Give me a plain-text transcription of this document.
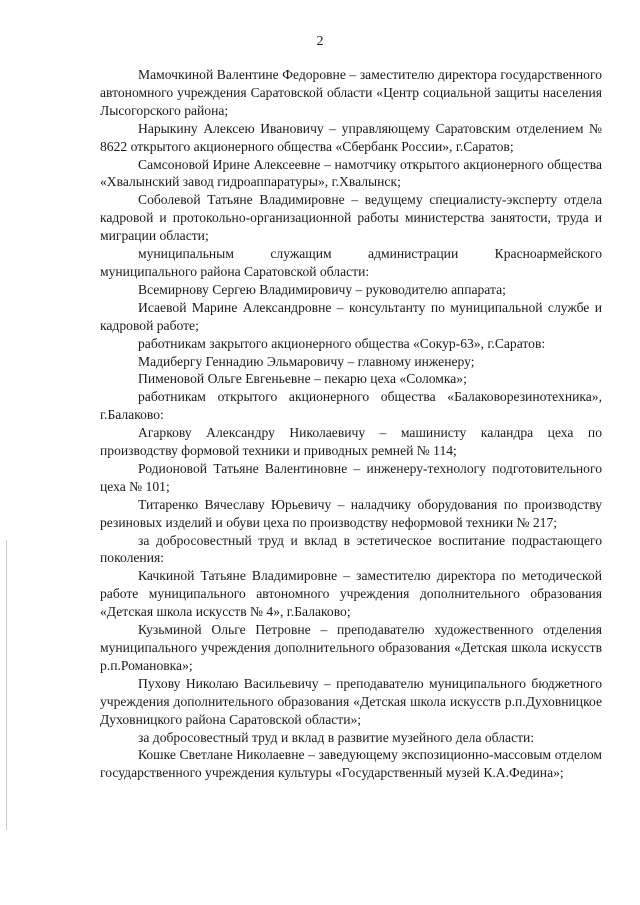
2

Мамочкиной Валентине Федоровне – заместителю директора государственного автономного учреждения Саратовской области «Центр социальной защиты населения Лысогорского района;

Нарыкину Алексею Ивановичу – управляющему Саратовским отделением № 8622 открытого акционерного общества «Сбербанк России», г.Саратов;

Самсоновой Ирине Алексеевне – намотчику открытого акционерного общества «Хвалынский завод гидроаппаратуры», г.Хвалынск;

Соболевой Татьяне Владимировне – ведущему специалисту-эксперту отдела кадровой и протокольно-организационной работы министерства занятости, труда и миграции области;

муниципальным служащим администрации Красноармейского муниципального района Саратовской области:

Всемирнову Сергею Владимировичу – руководителю аппарата;

Исаевой Марине Александровне – консультанту по муниципальной службе и кадровой работе;

работникам закрытого акционерного общества «Сокур-63», г.Саратов:

Мадибергу Геннадию Эльмаровичу – главному инженеру;

Пименовой Ольге Евгеньевне – пекарю цеха «Соломка»;

работникам открытого акционерного общества «Балаковорезинотехника», г.Балаково:

Агаркову Александру Николаевичу – машинисту каландра цеха по производству формовой техники и приводных ремней № 114;

Родионовой Татьяне Валентиновне – инженеру-технологу подготовительного цеха № 101;

Титаренко Вячеславу Юрьевичу – наладчику оборудования по производству резиновых изделий и обуви цеха по производству неформовой техники № 217;

за добросовестный труд и вклад в эстетическое воспитание подрастающего поколения:

Качкиной Татьяне Владимировне – заместителю директора по методической работе муниципального автономного учреждения дополнительного образования «Детская школа искусств № 4», г.Балаково;

Кузьминой Ольге Петровне – преподавателю художественного отделения муниципального учреждения дополнительного образования «Детская школа искусств р.п.Романовка»;

Пухову Николаю Васильевичу – преподавателю муниципального бюджетного учреждения дополнительного образования «Детская школа искусств р.п.Духовницкое Духовницкого района Саратовской области»;

за добросовестный труд и вклад в развитие музейного дела области:

Кошке Светлане Николаевне – заведующему экспозиционно-массовым отделом государственного учреждения культуры «Государственный музей К.А.Федина»;
